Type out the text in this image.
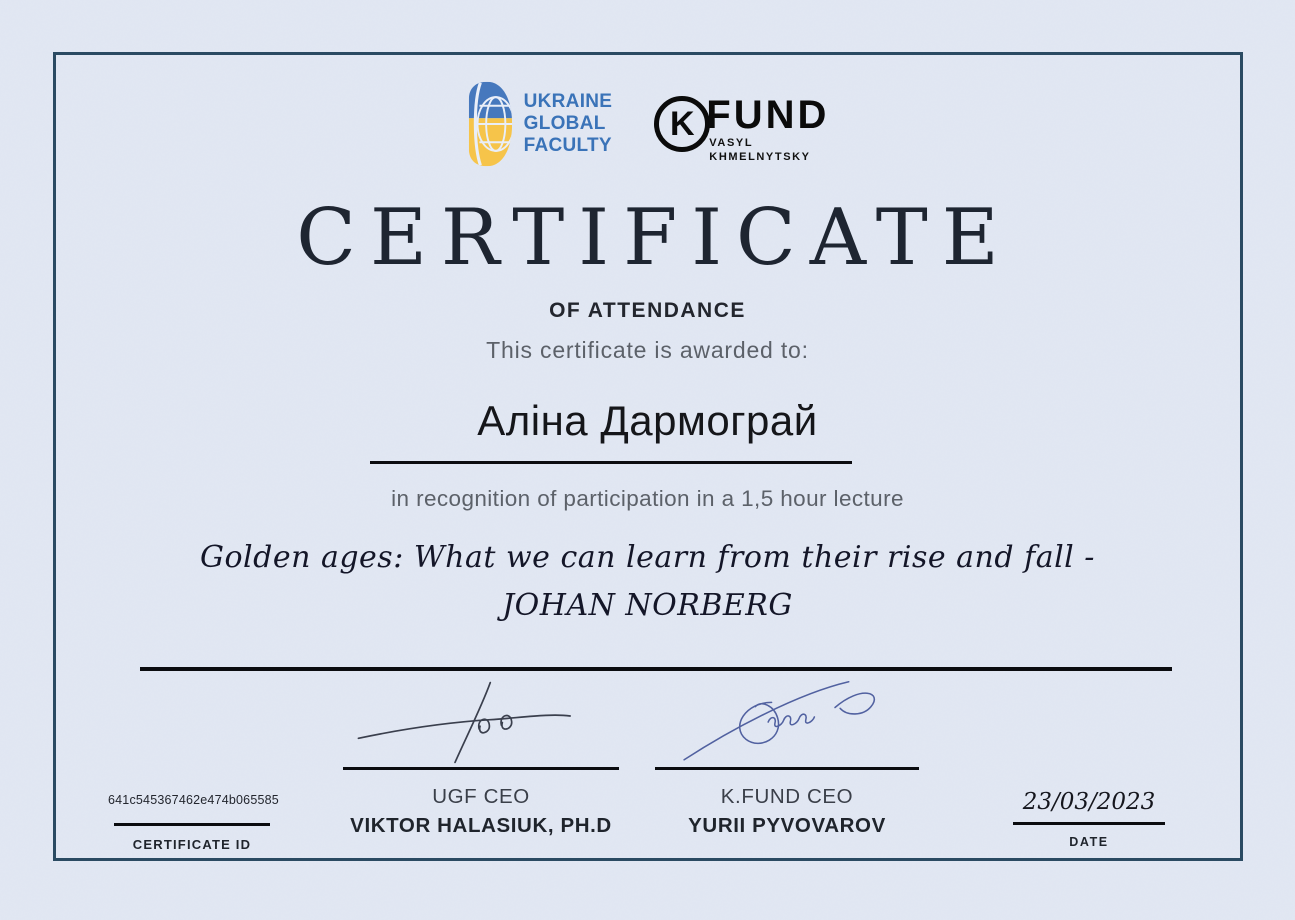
UKRAINE
GLOBAL
FACULTY
K FUND
VASYL
KHMELNYTSKY
CERTIFICATE
OF ATTENDANCE
This certificate is awarded to:
Аліна Дармограй
in recognition of participation in a 1,5 hour lecture
Golden ages: What we can learn from their rise and fall - JOHAN NORBERG
UGF CEO
VIKTOR HALASIUK, PH.D
K.FUND CEO
YURII PYVOVAROV
641c545367462e474b065585
CERTIFICATE ID
23/03/2023
DATE
